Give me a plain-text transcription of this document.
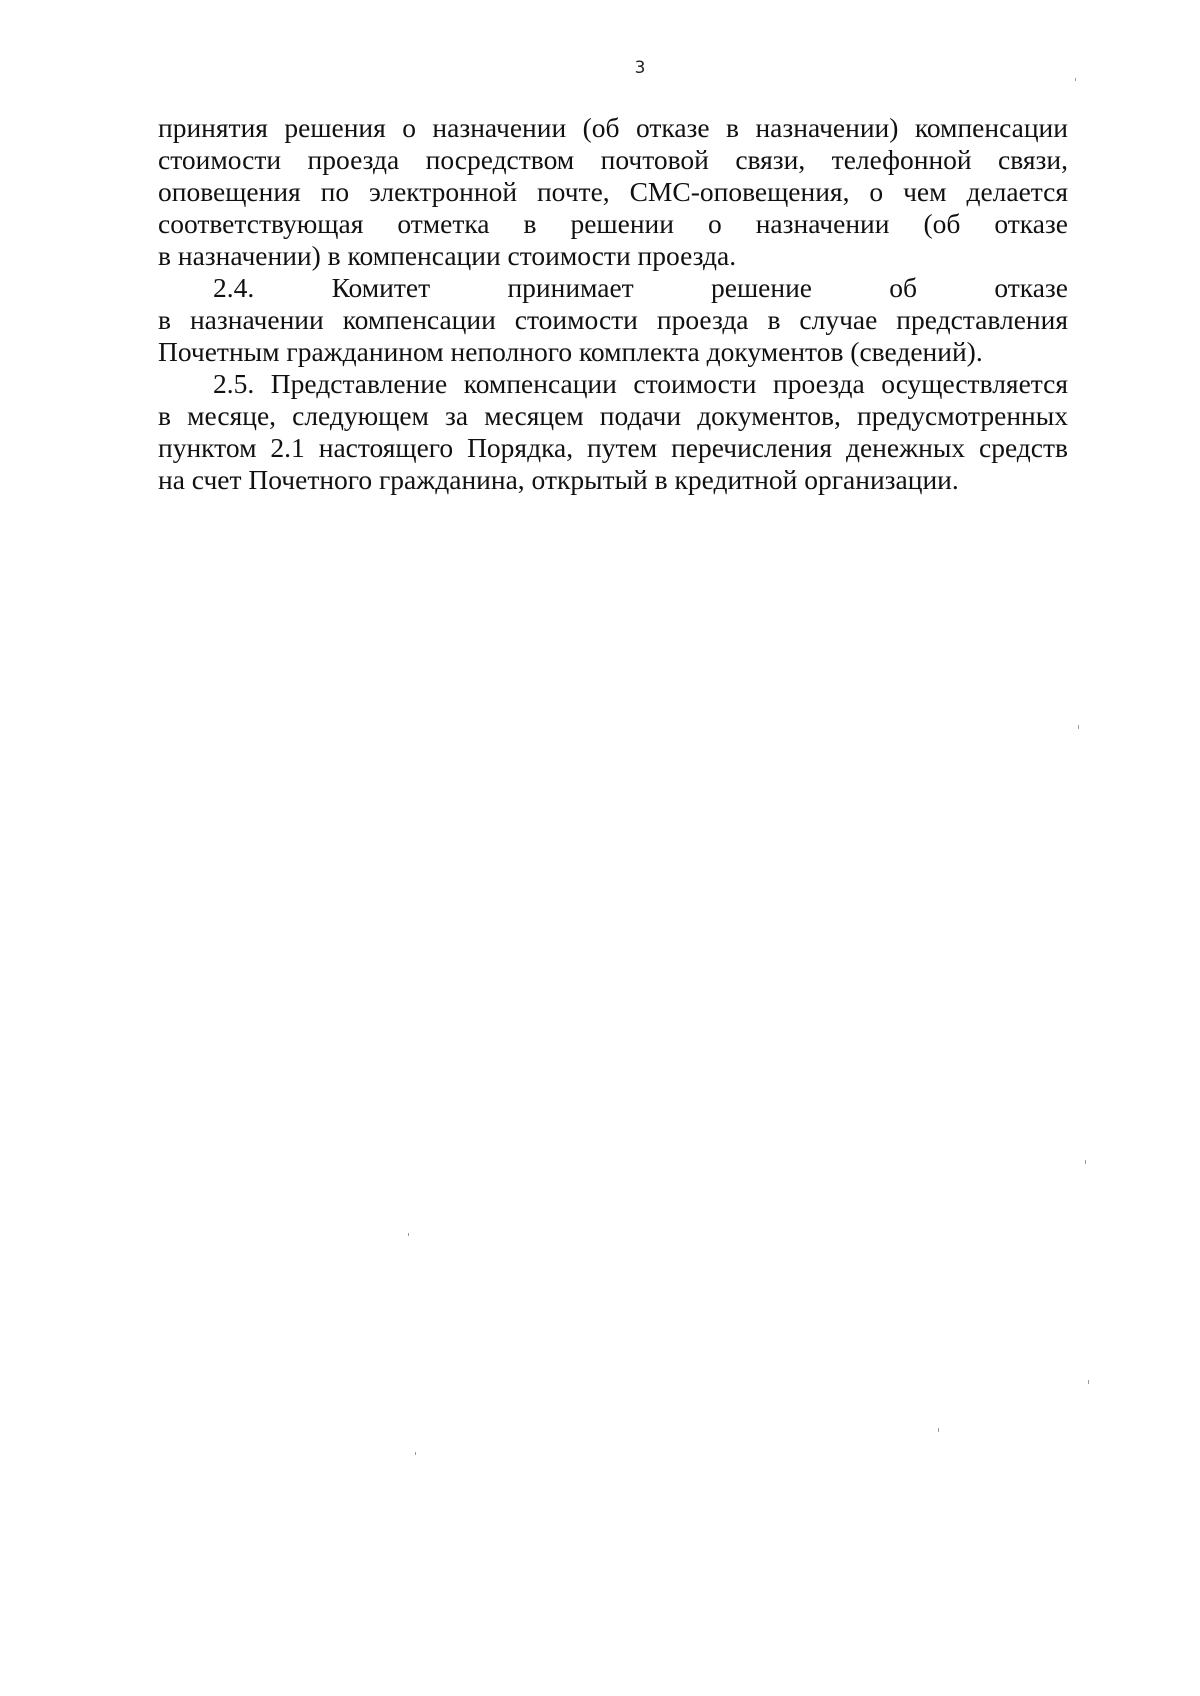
3

принятия решения о назначении (об отказе в назначении) компенсации
стоимости проезда посредством почтовой связи, телефонной связи,
оповещения по электронной почте, СМС-оповещения, о чем делается
соответствующая отметка в решении о назначении (об отказе
в назначении) в компенсации стоимости проезда.

2.4. Комитет принимает решение об отказе
в назначении компенсации стоимости проезда в случае представления
Почетным гражданином неполного комплекта документов (сведений).

2.5. Представление компенсации стоимости проезда осуществляется
в месяце, следующем за месяцем подачи документов, предусмотренных
пунктом 2.1 настоящего Порядка, путем перечисления денежных средств
на счет Почетного гражданина, открытый в кредитной организации.
